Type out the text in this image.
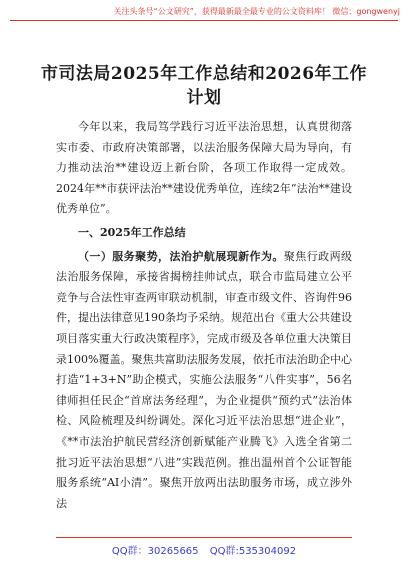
关注头条号“公文研究”，获得最新最全最专业的公文资料库！ 微信：gongwenyj
市司法局2025年工作总结和2026年工作
计划

今年以来，我局笃学践行习近平法治思想，认真贯彻落实市委、市政府决策部署，以法治服务保障大局为导向，有力推动法治**建设迈上新台阶，各项工作取得一定成效。2024年**市获评法治**建设优秀单位，连续2年“法治**建设优秀单位”。

一、2025年工作总结

（一）服务聚势，法治护航展现新作为。聚焦行政两级法治服务保障，承接省揭榜挂帅试点，联合市监局建立公平竞争与合法性审查两审联动机制，审查市级文件、咨询件96件，提出法律意见190条均予采纳。规范出台《重大公共建设项目落实重大行政决策程序》，完成市级及各单位重大决策目录100%覆盖。聚焦共富助法服务发展，依托市法治助企中心打造“1+3+N”助企模式，实施公法服务“八件实事”，56名律师担任民企“首席法务经理”，为企业提供“预约式”法治体检、风险梳理及纠纷调处。深化习近平法治思想“进企业”，《**市法治护航民营经济创新赋能产业腾飞》入选全省第二批习近平法治思想“八进”实践范例。推出温州首个公证智能服务系统“AI小清”。聚焦开放两出法助服务市场，成立涉外法

QQ群：30265665 QQ群:535304092
